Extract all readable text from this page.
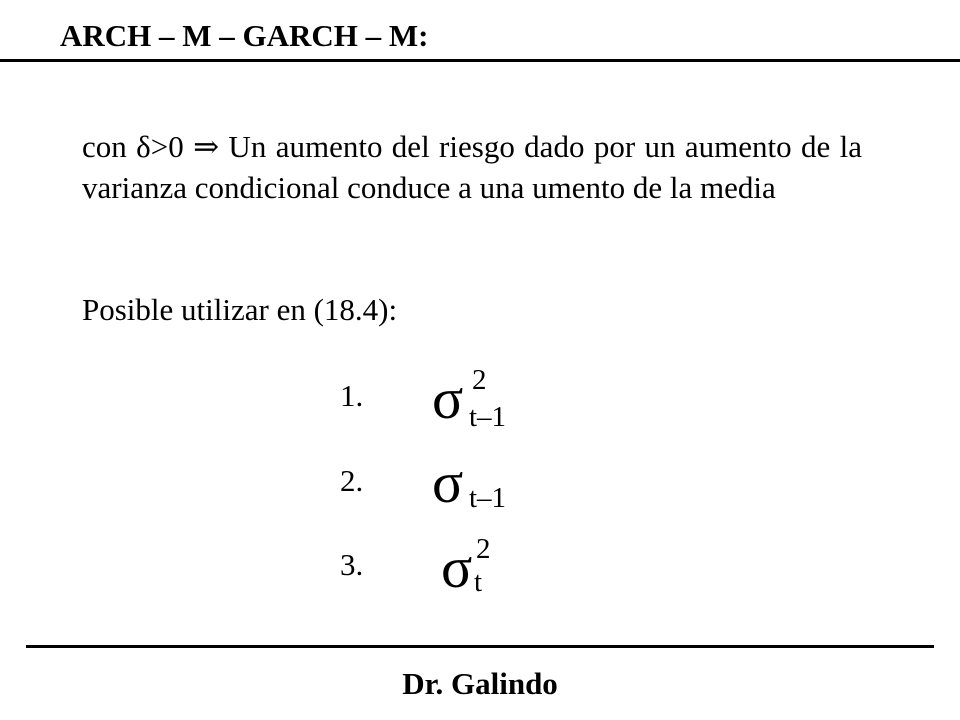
ARCH – M – GARCH – M:
con δ>0 ⇒ Un aumento del riesgo dado por un aumento de la varianza condicional conduce a una umento de la media
Posible utilizar en (18.4):
1. σ 2
t–1
2. σ t–1
3. σ 2
t
Dr. Galindo
